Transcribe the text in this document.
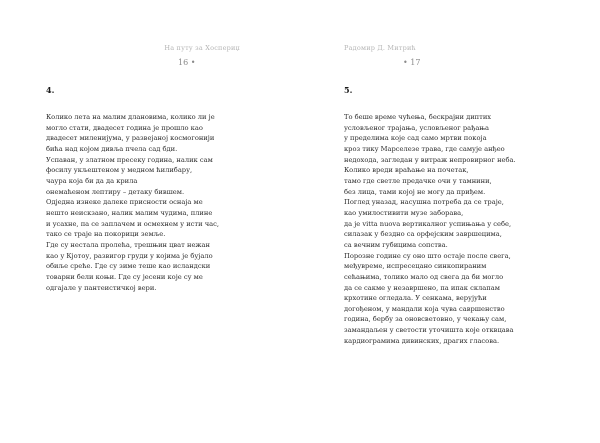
На путу за Хоспериџ
16 •
4.
Колико лета на малим длановима, колико ли је
могло стати, двадесет година је прошло као
двадесет миленијума, у развејаној космогонији
бића над којом дивља пчела сад бди.
Успаван, у златном пресеку година, налик сам
фосилу укљештеном у медном ћилибару,
чаура која би да да крила
онемаћеном лептиру – детаку бившем.
Одједна изнеке далеке присности оснаја ме
нешто неискзано, налик малим чудима, плине
и усахне, па се заплачем и осмехнем у исти час,
тако се траје на покорици земље.
Где су нестала пролећа, трешњин цват нежан
као у Кјотоу, развигор груди у којима је бујало
обиље среће. Где су зиме теше као исландски
товарни бели коњи. Где су јесени које су ме
одгајале у пантеистичкој вери.
Радомир Д. Митрић
• 17
5.
То беше време чућења, бескрајни диптих
условљеног трајања, условљеног рађања
у пределима које сад само мртви покоја
кроз тику Марселезе трава, где самује анђео
недохода, загледан у витраж непровирног неба.
Колико вреди враћање на почетак,
тамо где светле предачке очи у тамнини,
без лица, тами којој не могу да приђем.
Поглед уназад, насушна потреба да се траје,
као умилостивити музе заборава,
да је vitta nuova вертикалног успињања у себе,
силазак у бездно са орфејским завршецима,
са вечним губицима сопства.
Порозне године су оно што остаје после свега,
међувреме, испресецано синкопираним
сећањима, толико мало од свега да би могло
да се сакме у незавршено, па ипак склапам
крхотине огледала. У сенкама, верујући
догођеном, у мандали која чува савршенство
година, бербу за оновсветовно, у чекању сам,
замандаљен у светости уточишта које отквцава
кардиограмима дивинских, драгих гласова.
